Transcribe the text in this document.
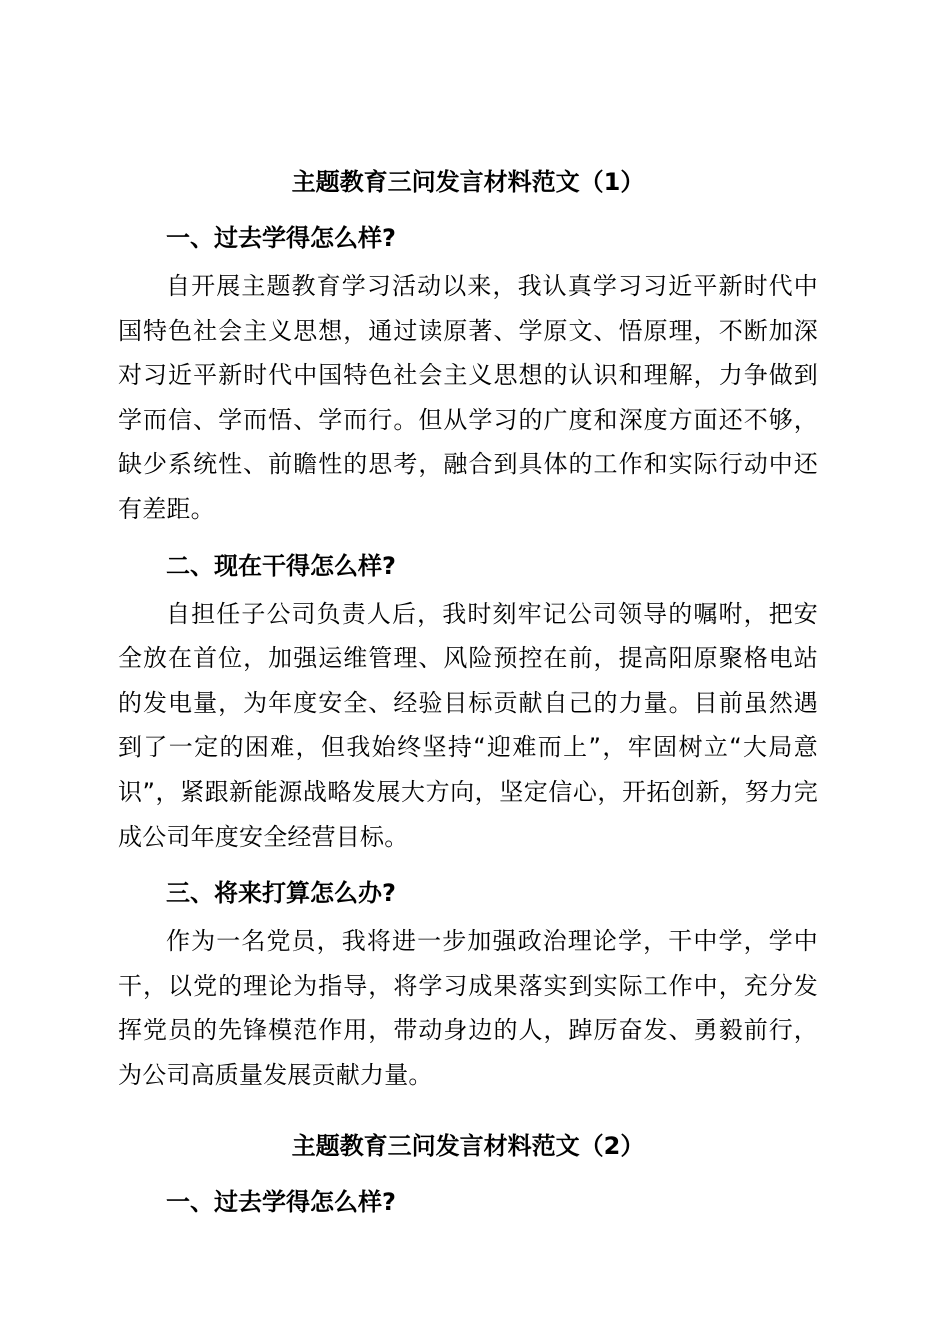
主题教育三问发言材料范文（1）
一、过去学得怎么样?

自开展主题教育学习活动以来，我认真学习习近平新时代中国特色社会主义思想，通过读原著、学原文、悟原理，不断加深对习近平新时代中国特色社会主义思想的认识和理解，力争做到学而信、学而悟、学而行。但从学习的广度和深度方面还不够，缺少系统性、前瞻性的思考，融合到具体的工作和实际行动中还有差距。

二、现在干得怎么样?

自担任子公司负责人后，我时刻牢记公司领导的嘱咐，把安全放在首位，加强运维管理、风险预控在前，提高阳原聚格电站的发电量，为年度安全、经验目标贡献自己的力量。目前虽然遇到了一定的困难，但我始终坚持“迎难而上”，牢固树立“大局意识”，紧跟新能源战略发展大方向，坚定信心，开拓创新，努力完成公司年度安全经营目标。

三、将来打算怎么办?

作为一名党员，我将进一步加强政治理论学，干中学，学中干，以党的理论为指导，将学习成果落实到实际工作中，充分发挥党员的先锋模范作用，带动身边的人，踔厉奋发、勇毅前行，为公司高质量发展贡献力量。

主题教育三问发言材料范文（2）
一、过去学得怎么样?
